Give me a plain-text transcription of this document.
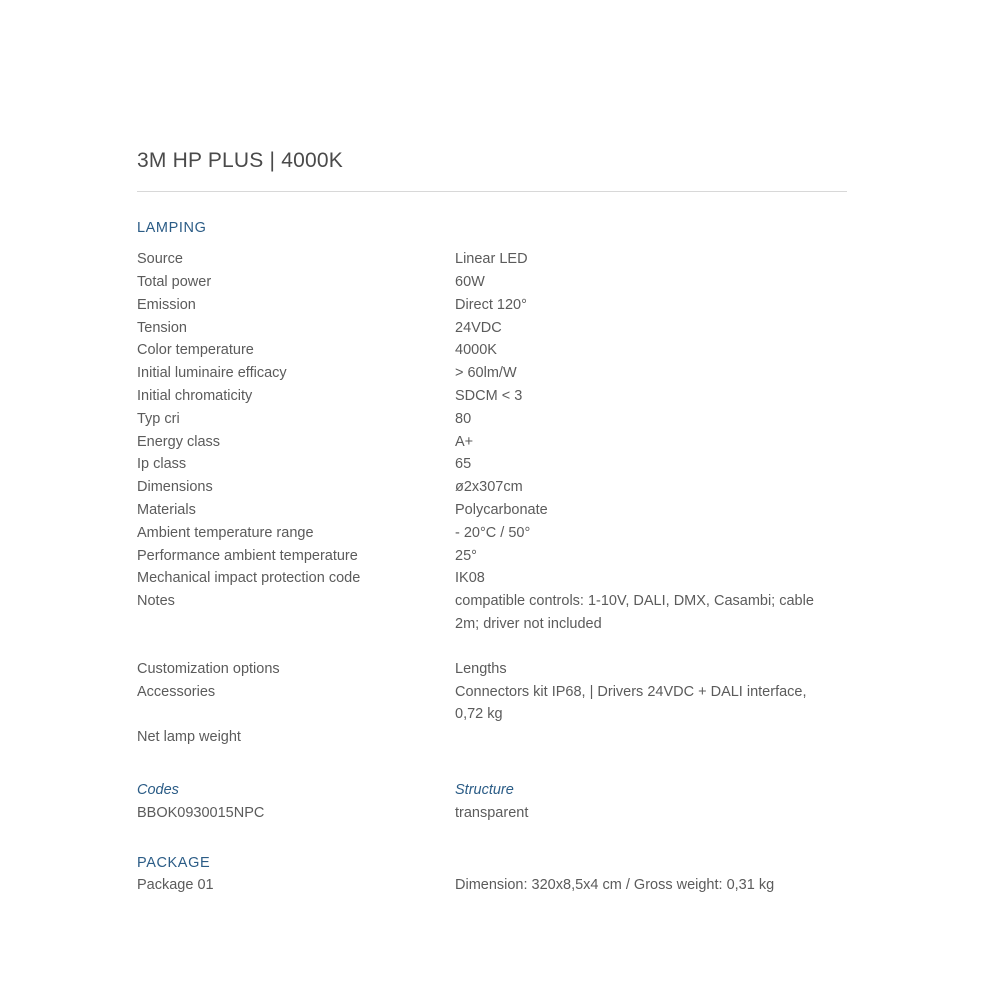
3M HP PLUS | 4000K
LAMPING
Source	Linear LED
Total power	60W
Emission	Direct 120°
Tension	24VDC
Color temperature	4000K
Initial luminaire efficacy	> 60lm/W
Initial chromaticity	SDCM < 3
Typ cri	80
Energy class	A+
Ip class	65
Dimensions	ø2x307cm
Materials	Polycarbonate
Ambient temperature range	- 20°C / 50°
Performance ambient temperature	25°
Mechanical impact protection code	IK08
Notes	compatible controls: 1-10V, DALI, DMX, Casambi; cable 2m; driver not included
Customization options	Lengths
Accessories	Connectors kit IP68, | Drivers 24VDC + DALI interface, 0,72 kg
Net lamp weight
Codes	Structure
BBOK0930015NPC	transparent
PACKAGE
Package 01	Dimension: 320x8,5x4 cm / Gross weight: 0,31 kg
